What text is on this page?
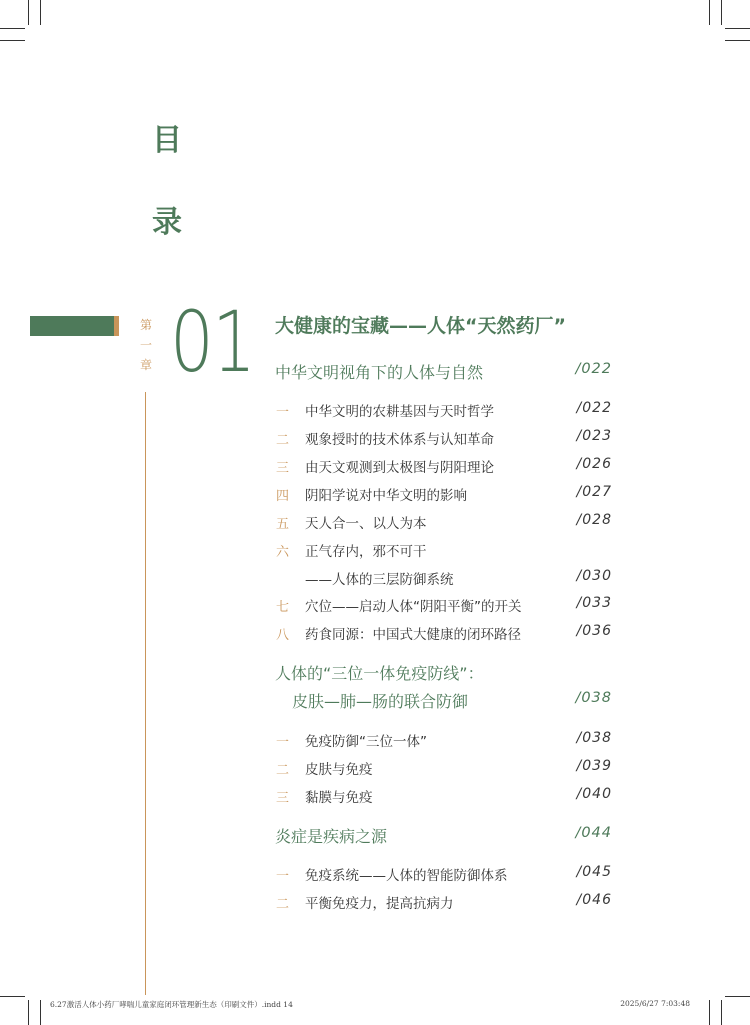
目
录
第
一
章 01 大健康的宝藏——人体“天然药厂”
中华文明视角下的人体与自然	/022
一 中华文明的农耕基因与天时哲学	/022
二 观象授时的技术体系与认知革命	/023
三 由天文观测到太极图与阴阳理论	/026
四 阴阳学说对中华文明的影响	/027
五 天人合一、以人为本	/028
六 正气存内，邪不可干
——人体的三层防御系统	/030
七 穴位——启动人体“阴阳平衡”的开关	/033
八 药食同源：中国式大健康的闭环路径	/036
人体的“三位一体免疫防线”：
皮肤—肺—肠的联合防御	/038
一 免疫防御“三位一体”	/038
二 皮肤与免疫	/039
三 黏膜与免疫	/040
炎症是疾病之源	/044
一 免疫系统——人体的智能防御体系	/045
二 平衡免疫力，提高抗病力	/046
6.27激活人体小药厂哮喘儿童家庭闭环管理新生态（印刷文件）.indd 14	2025/6/27 7:03:48
